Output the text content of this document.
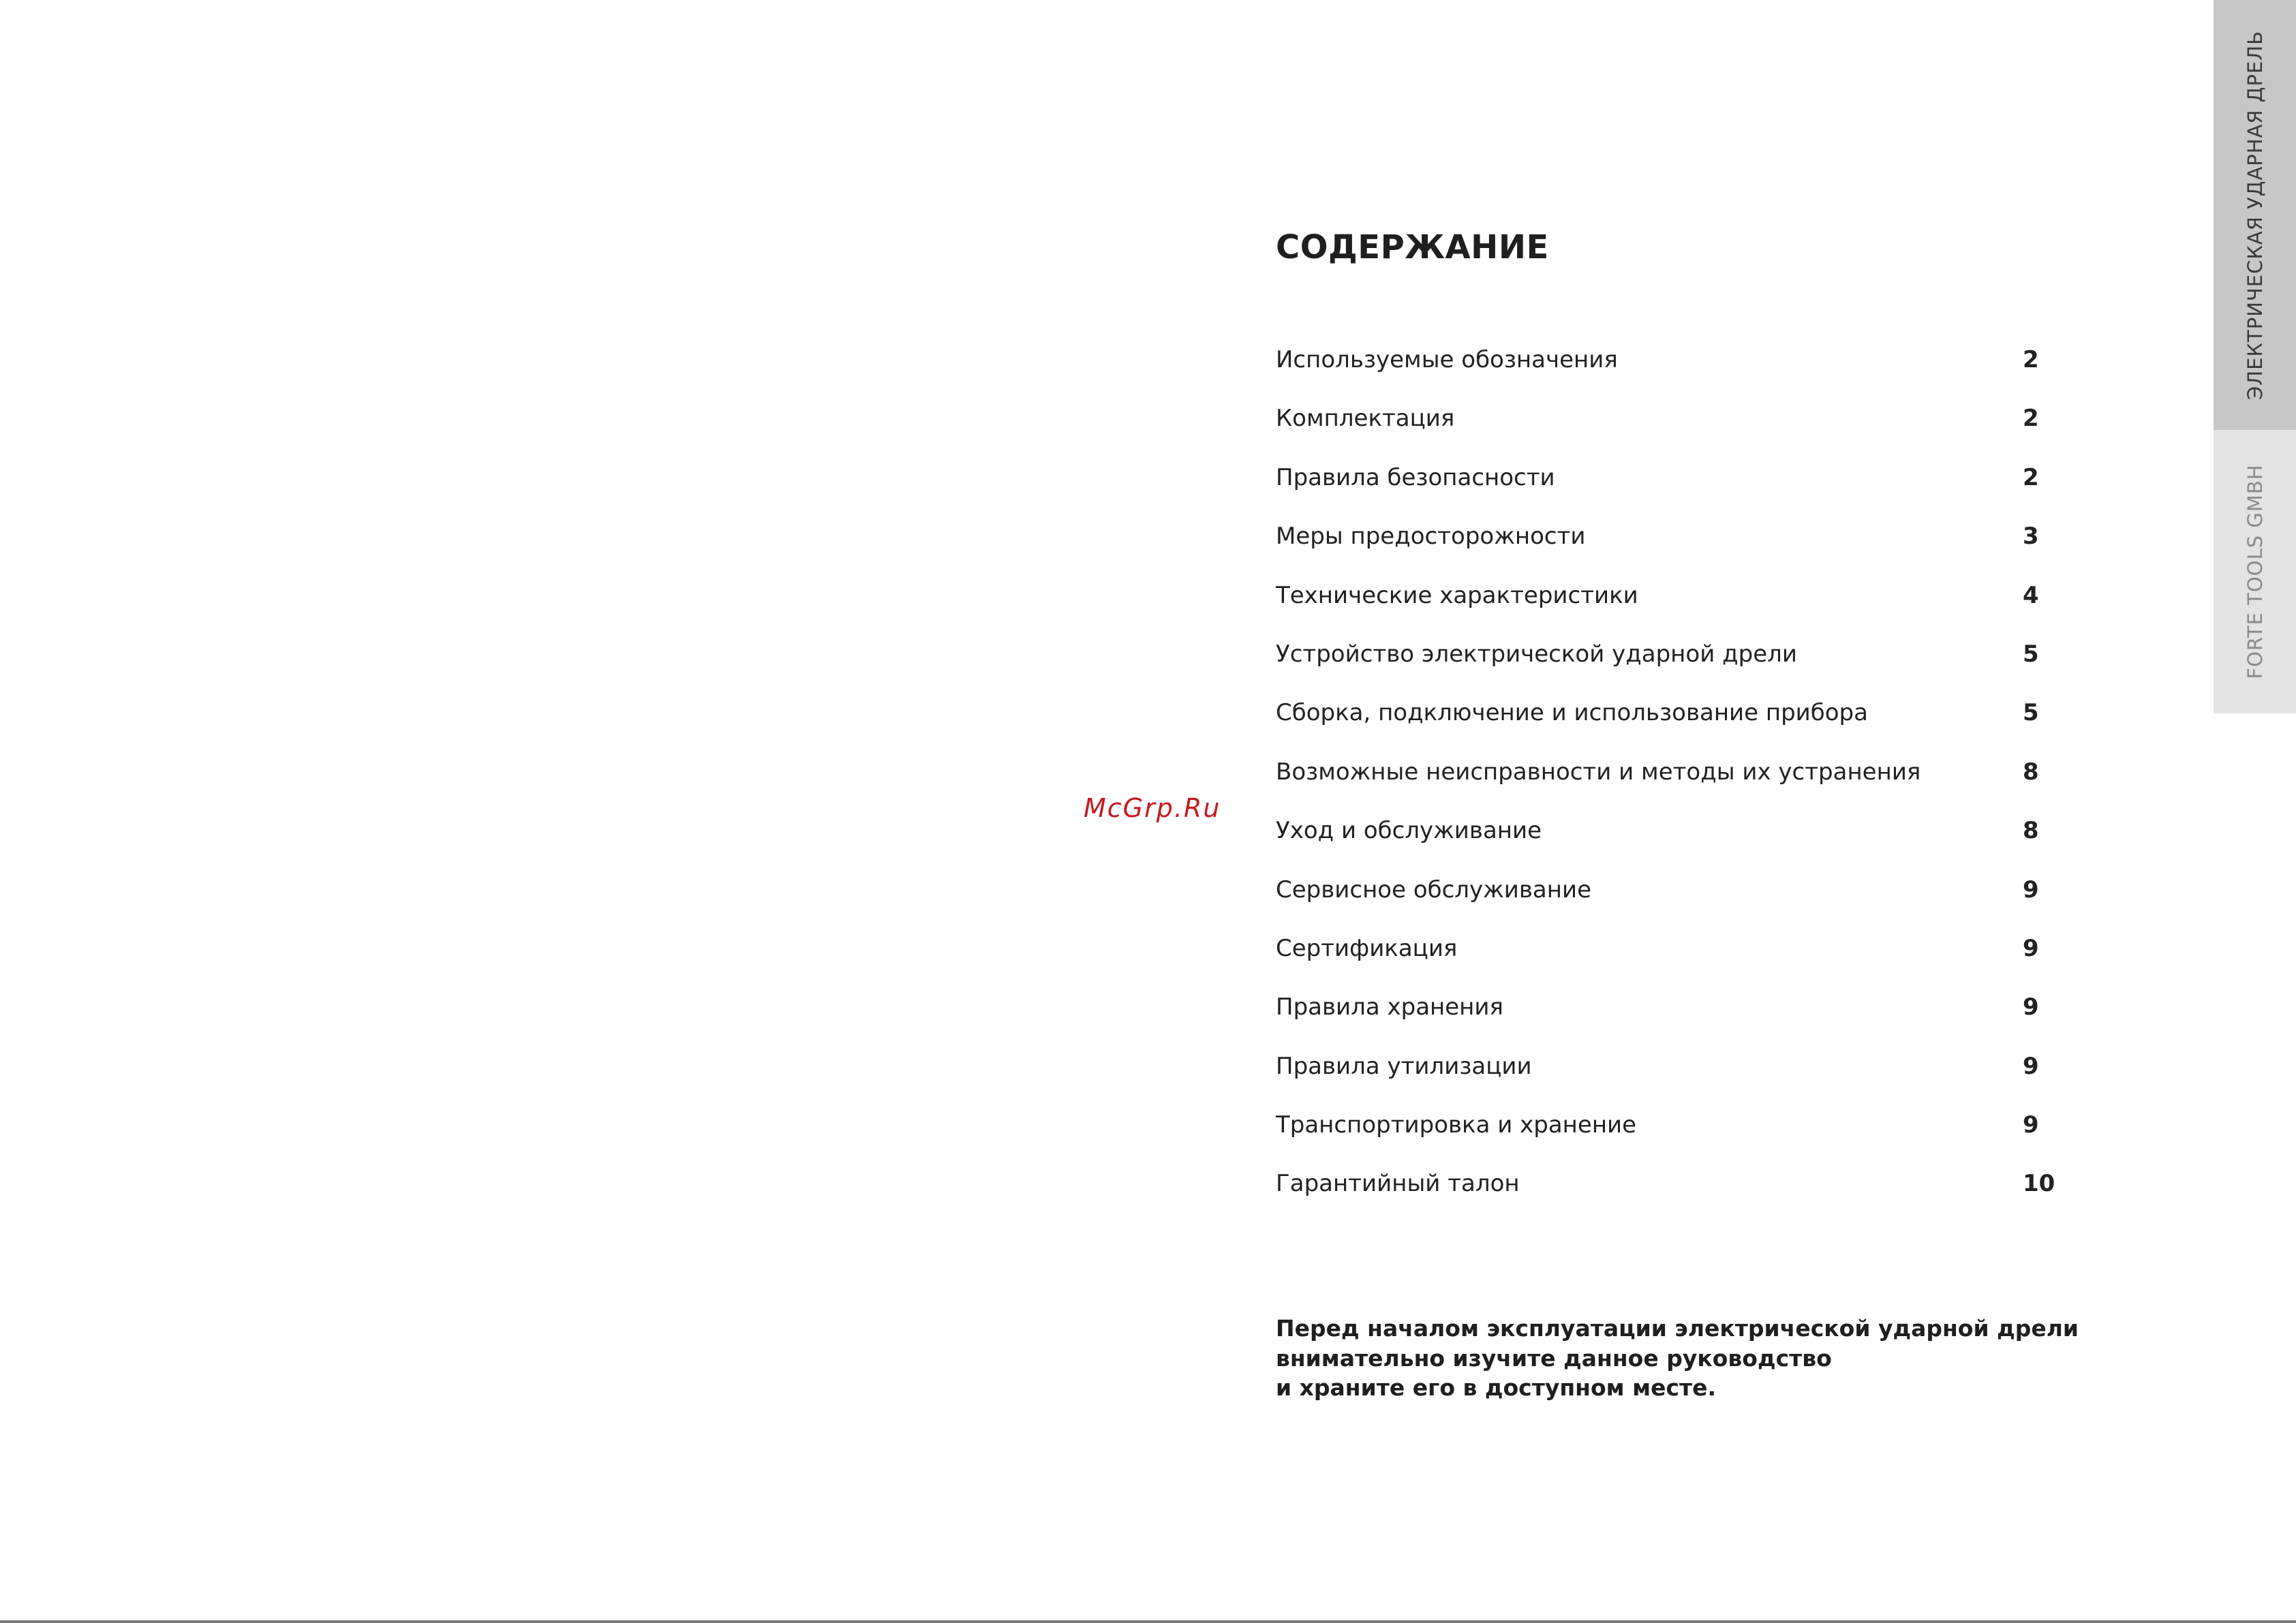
McGrp.Ru
СОДЕРЖАНИЕ
Используемые обозначения	2
Комплектация	2
Правила безопасности	2
Меры предосторожности	3
Технические характеристики	4
Устройство электрической ударной дрели	5
Сборка, подключение и использование прибора	5
Возможные неисправности и методы их устранения	8
Уход и обслуживание	8
Сервисное обслуживание	9
Сертификация	9
Правила хранения	9
Правила утилизации	9
Транспортировка и хранение	9
Гарантийный талон	10
Перед началом эксплуатации электрической ударной дрели
внимательно изучите данное руководство
и храните его в доступном месте.
ЭЛЕКТРИЧЕСКАЯ УДАРНАЯ ДРЕЛЬ
FORTE TOOLS GMBH
